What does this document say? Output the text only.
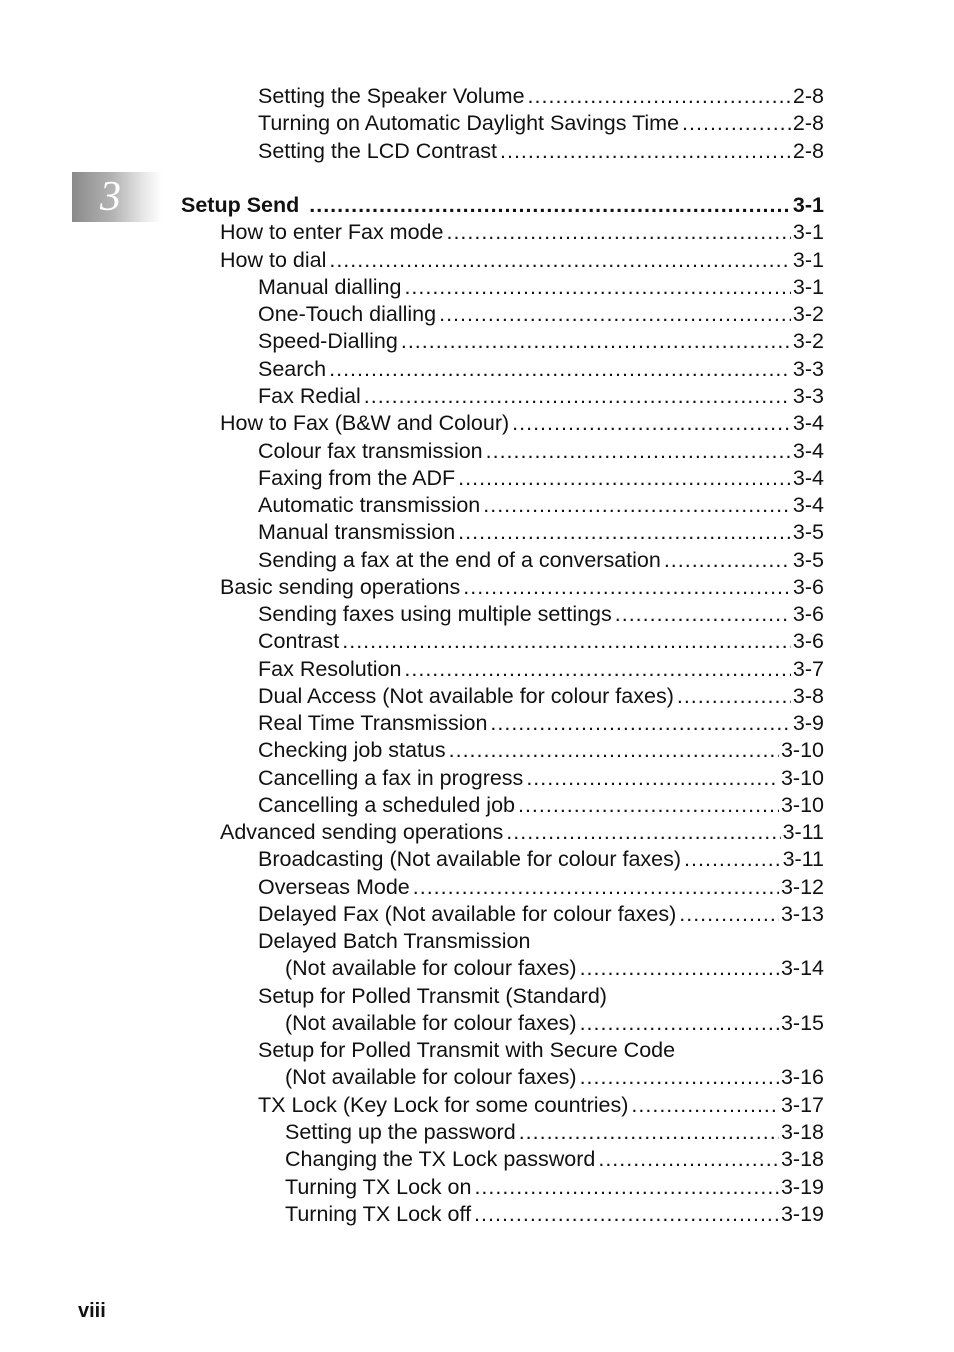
3
Setting the Speaker Volume .....	2-8
Turning on Automatic Daylight Savings Time .....	2-8
Setting the LCD Contrast .....	2-8
Setup Send .....	3-1
How to enter Fax mode .....	3-1
How to dial .....	3-1
Manual dialling .....	3-1
One-Touch dialling .....	3-2
Speed-Dialling .....	3-2
Search .....	3-3
Fax Redial .....	3-3
How to Fax (B&W and Colour) .....	3-4
Colour fax transmission .....	3-4
Faxing from the ADF .....	3-4
Automatic transmission .....	3-4
Manual transmission .....	3-5
Sending a fax at the end of a conversation .....	3-5
Basic sending operations .....	3-6
Sending faxes using multiple settings .....	3-6
Contrast .....	3-6
Fax Resolution .....	3-7
Dual Access (Not available for colour faxes) .....	3-8
Real Time Transmission .....	3-9
Checking job status .....	3-10
Cancelling a fax in progress .....	3-10
Cancelling a scheduled job .....	3-10
Advanced sending operations .....	3-11
Broadcasting (Not available for colour faxes) .....	3-11
Overseas Mode .....	3-12
Delayed Fax (Not available for colour faxes) .....	3-13
Delayed Batch Transmission
(Not available for colour faxes) .....	3-14
Setup for Polled Transmit (Standard)
(Not available for colour faxes) .....	3-15
Setup for Polled Transmit with Secure Code
(Not available for colour faxes) .....	3-16
TX Lock (Key Lock for some countries) .....	3-17
Setting up the password .....	3-18
Changing the TX Lock password .....	3-18
Turning TX Lock on .....	3-19
Turning TX Lock off .....	3-19
viii
